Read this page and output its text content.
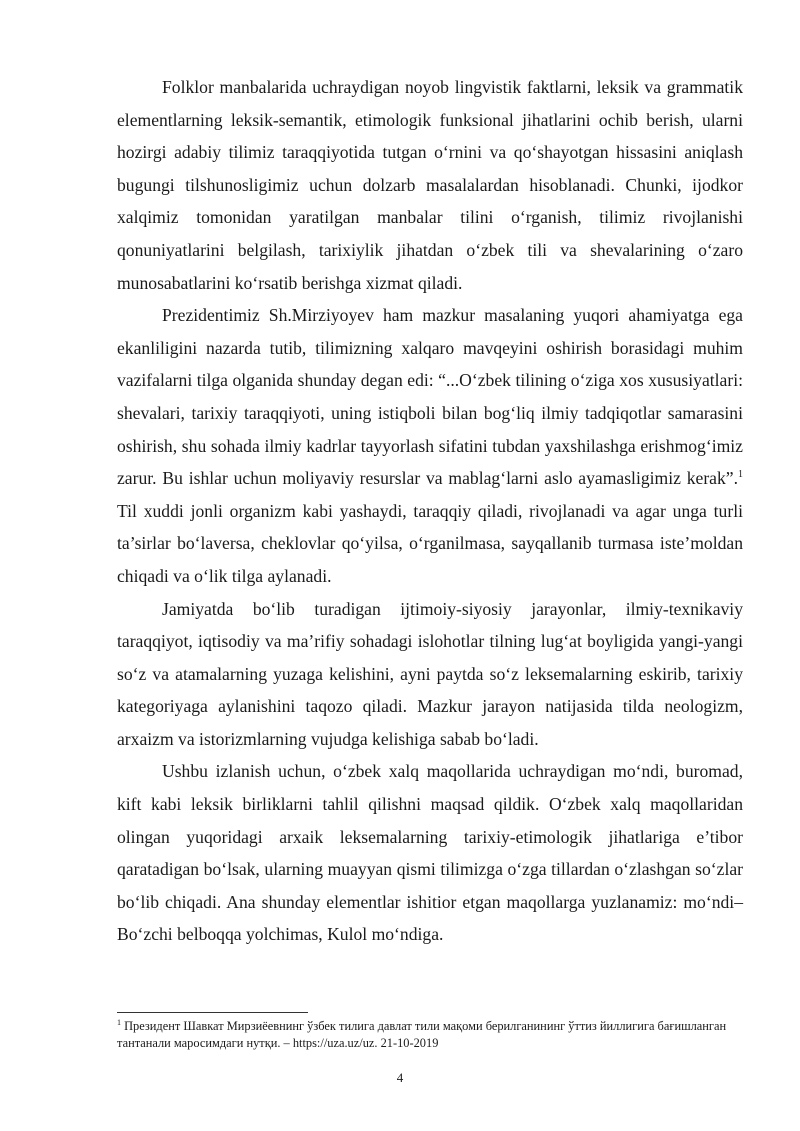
Folklor manbalarida uchraydigan noyob lingvistik faktlarni, leksik va grammatik elementlarning leksik-semantik, etimologik funksional jihatlarini ochib berish, ularni hozirgi adabiy tilimiz taraqqiyotida tutgan o‘rnini va qo‘shayotgan hissasini aniqlash bugungi tilshunosligimiz uchun dolzarb masalalardan hisoblanadi. Chunki, ijodkor xalqimiz tomonidan yaratilgan manbalar tilini o‘rganish, tilimiz rivojlanishi qonuniyatlarini belgilash, tarixiylik jihatdan o‘zbek tili va shevalarining o‘zaro munosabatlarini ko‘rsatib berishga xizmat qiladi.

Prezidentimiz Sh.Mirziyoyev ham mazkur masalaning yuqori ahamiyatga ega ekanliligini nazarda tutib, tilimizning xalqaro mavqeyini oshirish borasidagi muhim vazifalarni tilga olganida shunday degan edi: “...O‘zbek tilining o‘ziga xos xususiyatlari: shevalari, tarixiy taraqqiyoti, uning istiqboli bilan bog‘liq ilmiy tadqiqotlar samarasini oshirish, shu sohada ilmiy kadrlar tayyorlash sifatini tubdan yaxshilashga erishmog‘imiz zarur. Bu ishlar uchun moliyaviy resurslar va mablag‘larni aslo ayamasligimiz kerak”.$^1$ Til xuddi jonli organizm kabi yashaydi, taraqqiy qiladi, rivojlanadi va agar unga turli ta’sirlar bo‘laversa, cheklovlar qo‘yilsa, o‘rganilmasa, sayqallanib turmasa iste’moldan chiqadi va o‘lik tilga aylanadi.

Jamiyatda bo‘lib turadigan ijtimoiy-siyosiy jarayonlar, ilmiy-texnikaviy taraqqiyot, iqtisodiy va ma’rifiy sohadagi islohotlar tilning lug‘at boyligida yangi-yangi so‘z va atamalarning yuzaga kelishini, ayni paytda so‘z leksemalarning eskirib, tarixiy kategoriyaga aylanishini taqozo qiladi. Mazkur jarayon natijasida tilda neologizm, arxaizm va istorizmlarning vujudga kelishiga sabab bo‘ladi.

Ushbu izlanish uchun, o‘zbek xalq maqollarida uchraydigan mo‘ndi, buromad, kift kabi leksik birliklarni tahlil qilishni maqsad qildik. O‘zbek xalq maqollaridan olingan yuqoridagi arxaik leksemalarning tarixiy-etimologik jihatlariga e’tibor qaratadigan bo‘lsak, ularning muayyan qismi tilimizga o‘zga tillardan o‘zlashgan so‘zlar bo‘lib chiqadi. Ana shunday elementlar ishitior etgan maqollarga yuzlanamiz: mo‘ndi– Bo‘zchi belboqqa yolchimas, Kulol mo‘ndiga.

$^1$ Президент Шавкат Мирзиёевнинг ўзбек тилига давлат тили мақоми берилганининг ўттиз йиллигига бағишланган тантанали маросимдаги нутқи. – https://uza.uz/uz. 21-10-2019
4
